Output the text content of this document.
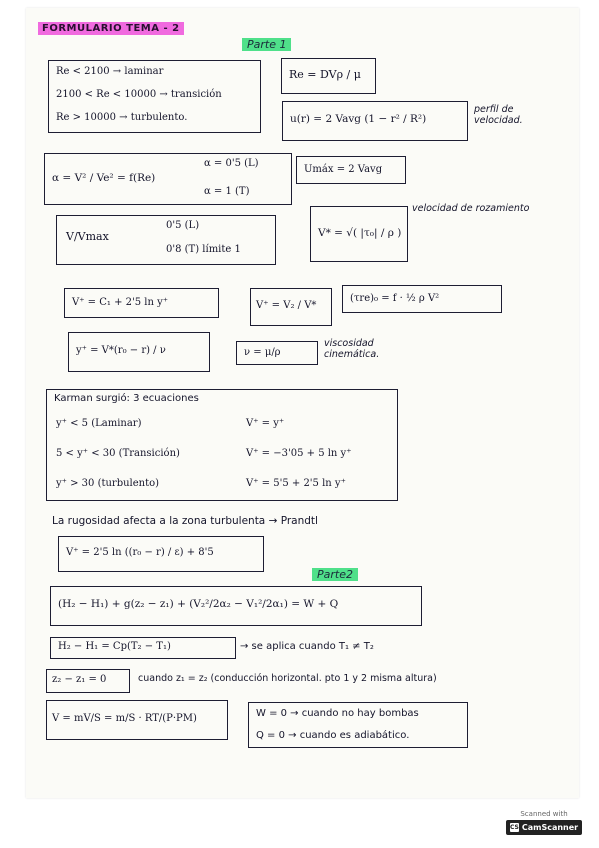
FORMULARIO TEMA - 2
Parte 1
Re < 2100 → laminar
2100 < Re < 10000 → transición
Re > 10000 → turbulento.
Re = DVρ / μ
u(r) = 2 Vavg (1 − r² / R²)
perfil de velocidad.
α = V² / Ve² = f(Re)
α = 0'5 (L)
α = 1 (T)
Umáx = 2 Vavg
V/Vmax
0'5 (L)
0'8 (T) límite 1
V* = √( |τ₀| / ρ )
velocidad de rozamiento
V⁺ = C₁ + 2'5 ln y⁺	V⁺ = V₂ / V*
(τre)₀ = f · ½ ρ V²
y⁺ = V*(r₀ − r) / ν	ν = μ/ρ
viscosidad cinemática.
Karman surgió: 3 ecuaciones
y⁺ < 5 (Laminar)	V⁺ = y⁺
5 < y⁺ < 30 (Transición)	V⁺ = −3'05 + 5 ln y⁺
y⁺ > 30 (turbulento)	V⁺ = 5'5 + 2'5 ln y⁺
La rugosidad afecta a la zona turbulenta → Prandtl
V⁺ = 2'5 ln ((r₀ − r) / ε) + 8'5
Parte2
(H₂ − H₁) + g(z₂ − z₁) + (V₂²/2α₂ − V₁²/2α₁) = W + Q
H₂ − H₁ = Cp(T₂ − T₁)	→ se aplica cuando T₁ ≠ T₂
z₂ − z₁ = 0	cuando z₁ = z₂ (conducción horizontal. pto 1 y 2 misma altura)
V = mV/S = m/S · RT/(P·PM)	W = 0 → cuando no hay bombas
Q = 0 → cuando es adiabático.
Scanned with
CS CamScanner
